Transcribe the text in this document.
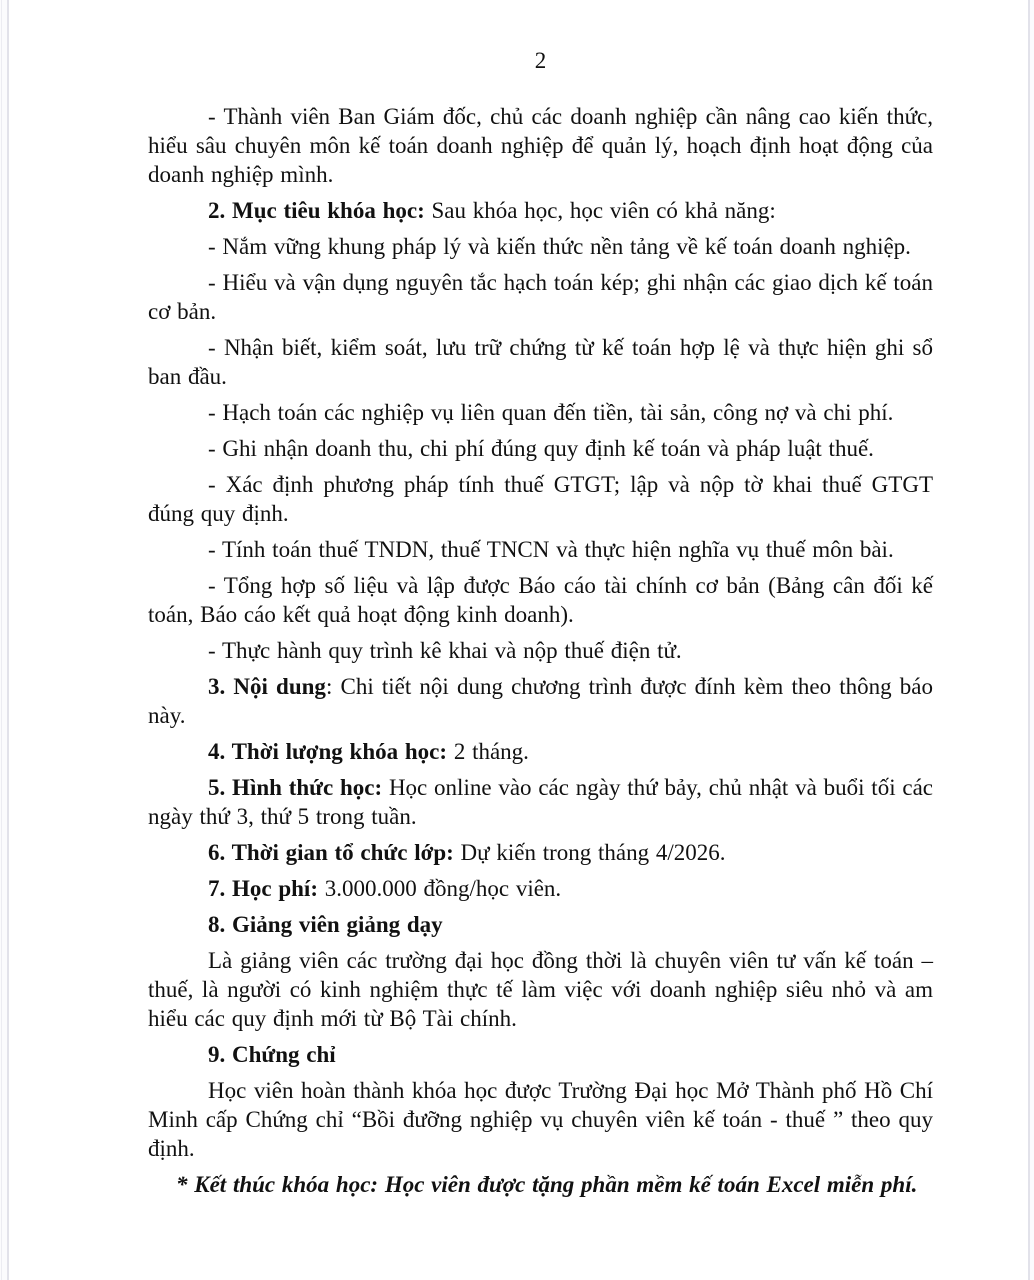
2

- Thành viên Ban Giám đốc, chủ các doanh nghiệp cần nâng cao kiến thức, hiểu sâu chuyên môn kế toán doanh nghiệp để quản lý, hoạch định hoạt động của doanh nghiệp mình.

2. Mục tiêu khóa học: Sau khóa học, học viên có khả năng:

- Nắm vững khung pháp lý và kiến thức nền tảng về kế toán doanh nghiệp.

- Hiểu và vận dụng nguyên tắc hạch toán kép; ghi nhận các giao dịch kế toán cơ bản.

- Nhận biết, kiểm soát, lưu trữ chứng từ kế toán hợp lệ và thực hiện ghi sổ ban đầu.

- Hạch toán các nghiệp vụ liên quan đến tiền, tài sản, công nợ và chi phí.

- Ghi nhận doanh thu, chi phí đúng quy định kế toán và pháp luật thuế.

- Xác định phương pháp tính thuế GTGT; lập và nộp tờ khai thuế GTGT đúng quy định.

- Tính toán thuế TNDN, thuế TNCN và thực hiện nghĩa vụ thuế môn bài.

- Tổng hợp số liệu và lập được Báo cáo tài chính cơ bản (Bảng cân đối kế toán, Báo cáo kết quả hoạt động kinh doanh).

- Thực hành quy trình kê khai và nộp thuế điện tử.

3. Nội dung: Chi tiết nội dung chương trình được đính kèm theo thông báo này.

4. Thời lượng khóa học: 2 tháng.

5. Hình thức học: Học online vào các ngày thứ bảy, chủ nhật và buổi tối các ngày thứ 3, thứ 5 trong tuần.

6. Thời gian tổ chức lớp: Dự kiến trong tháng 4/2026.

7. Học phí: 3.000.000 đồng/học viên.

8. Giảng viên giảng dạy

Là giảng viên các trường đại học đồng thời là chuyên viên tư vấn kế toán – thuế, là người có kinh nghiệm thực tế làm việc với doanh nghiệp siêu nhỏ và am hiểu các quy định mới từ Bộ Tài chính.

9. Chứng chỉ

Học viên hoàn thành khóa học được Trường Đại học Mở Thành phố Hồ Chí Minh cấp Chứng chỉ “Bồi đưỡng nghiệp vụ chuyên viên kế toán - thuế ” theo quy định.

* Kết thúc khóa học: Học viên được tặng phần mềm kế toán Excel miễn phí.
